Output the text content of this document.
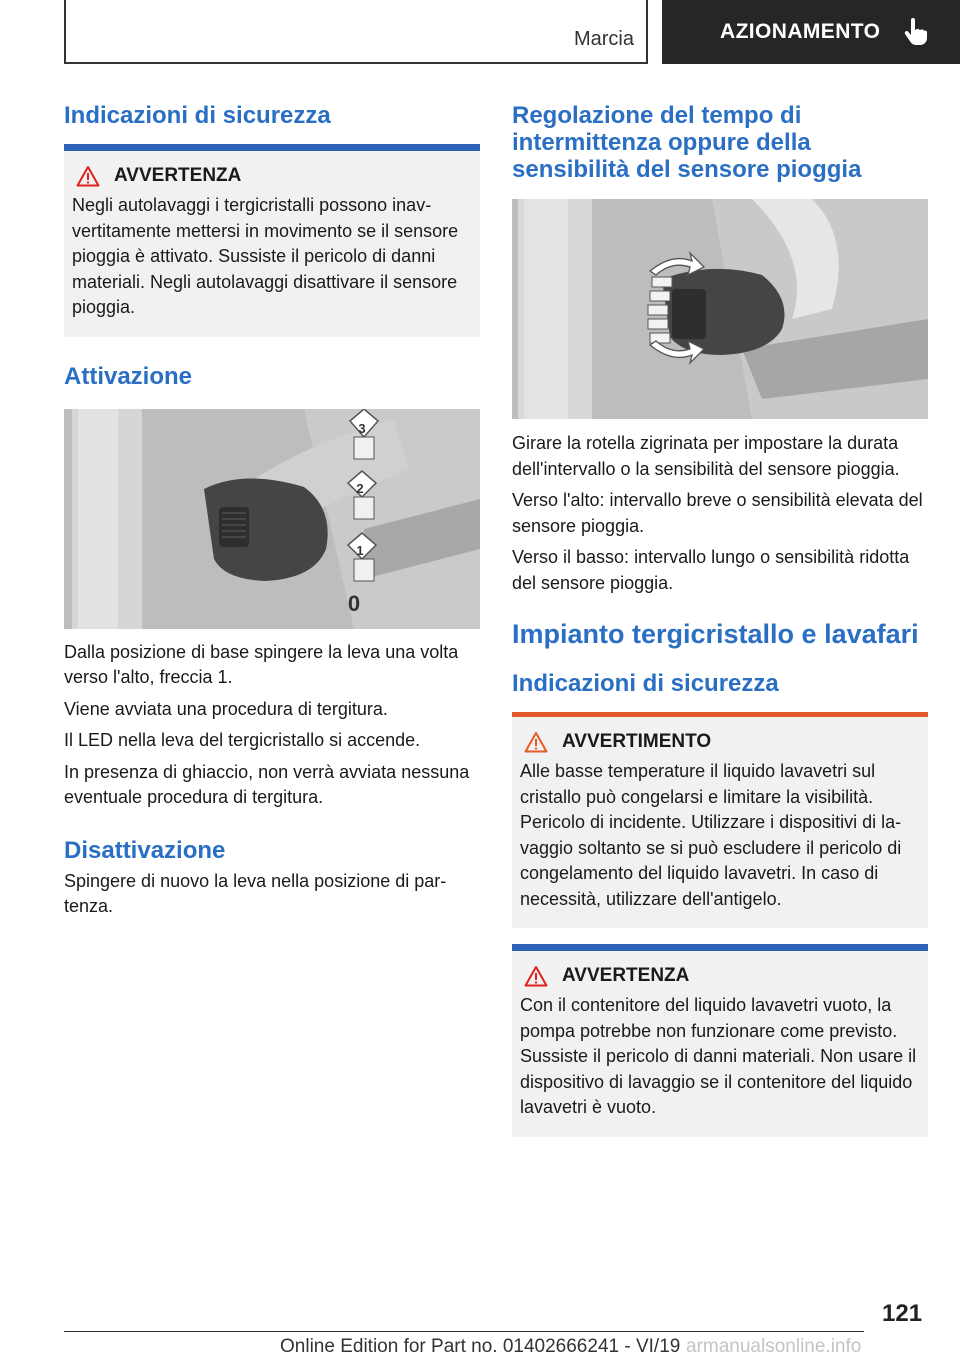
Marcia	AZIONAMENTO
Indicazioni di sicurezza
AVVERTENZA

Negli autolavaggi i tergicristalli possono inavvertitamente mettersi in movimento se il sensore pioggia è attivato. Sussiste il pericolo di danni materiali. Negli autolavaggi disattivare il sensore pioggia.

Attivazione
3
2
1
0

Dalla posizione di base spingere la leva una volta verso l'alto, freccia 1.

Viene avviata una procedura di tergitura.

Il LED nella leva del tergicristallo si accende.

In presenza di ghiaccio, non verrà avviata nessuna eventuale procedura di tergitura.

Disattivazione

Spingere di nuovo la leva nella posizione di partenza.

Regolazione del tempo di intermittenza oppure della sensibilità del sensore pioggia

Girare la rotella zigrinata per impostare la durata dell'intervallo o la sensibilità del sensore pioggia.

Verso l'alto: intervallo breve o sensibilità elevata del sensore pioggia.

Verso il basso: intervallo lungo o sensibilità ridotta del sensore pioggia.

Impianto tergicristallo e lavafari
Indicazioni di sicurezza
AVVERTIMENTO

Alle basse temperature il liquido lavavetri sul cristallo può congelarsi e limitare la visibilità. Pericolo di incidente. Utilizzare i dispositivi di lavaggio soltanto se si può escludere il pericolo di congelamento del liquido lavavetri. In caso di necessità, utilizzare dell'antigelo.

AVVERTENZA

Con il contenitore del liquido lavavetri vuoto, la pompa potrebbe non funzionare come previsto. Sussiste il pericolo di danni materiali. Non usare il dispositivo di lavaggio se il contenitore del liquido lavavetri è vuoto.

121
Online Edition for Part no. 01402666241 - VI/19 armanualsonline.info
